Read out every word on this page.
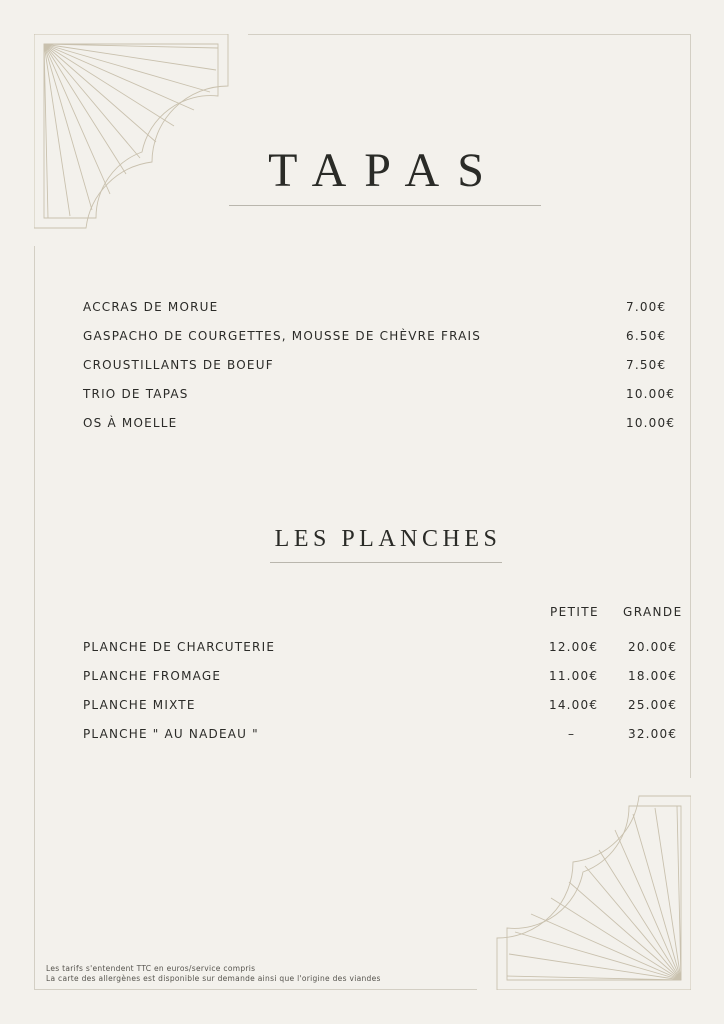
TAPAS
ACCRAS DE MORUE	7.00€
GASPACHO DE COURGETTES, MOUSSE DE CHÈVRE FRAIS	6.50€
CROUSTILLANTS DE BOEUF	7.50€
TRIO DE TAPAS	10.00€
OS À MOELLE	10.00€
LES PLANCHES
PETITE GRANDE
PLANCHE DE CHARCUTERIE	12.00€ 20.00€
PLANCHE FROMAGE	11.00€ 18.00€
PLANCHE MIXTE	14.00€ 25.00€
PLANCHE " AU NADEAU "	–	32.00€
Les tarifs s'entendent TTC en euros/service compris
La carte des allergènes est disponible sur demande ainsi que l'origine des viandes
